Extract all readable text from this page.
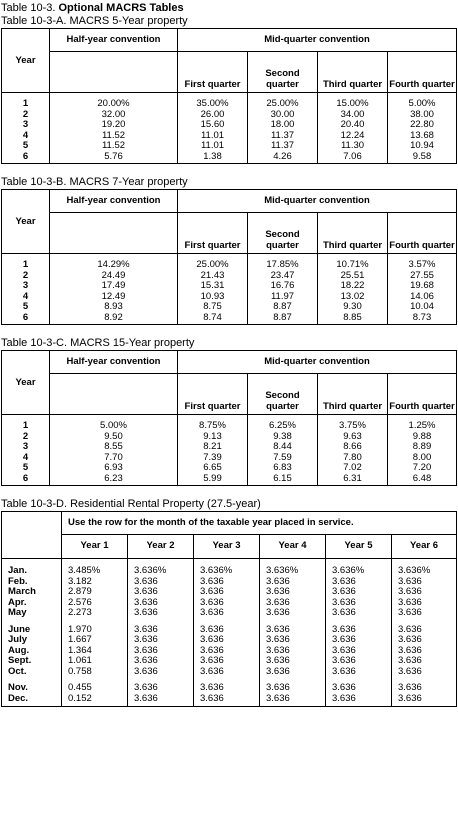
Table 10-3. Optional MACRS Tables
Table 10-3-A. MACRS 5-Year property
	Half-year convention	Mid-quarter convention			
Year		First quarter	Second quarter	Third quarter	Fourth quarter

1	20.00%	35.00%	25.00%	15.00%	5.00%
2	32.00	26.00	30.00	34.00	38.00
3	19.20	15.60	18.00	20.40	22.80
4	11.52	11.01	11.37	12.24	13.68
5	11.52	11.01	11.37	11.30	10.94
6	5.76	1.38	4.26	7.06	9.58
Table 10-3-B. MACRS 7-Year property
	Half-year convention	Mid-quarter convention			
Year		First quarter	Second quarter	Third quarter	Fourth quarter

1	14.29%	25.00%	17.85%	10.71%	3.57%
2	24.49	21.43	23.47	25.51	27.55
3	17.49	15.31	16.76	18.22	19.68
4	12.49	10.93	11.97	13.02	14.06
5	8.93	8.75	8.87	9.30	10.04
6	8.92	8.74	8.87	8.85	8.73
Table 10-3-C. MACRS 15-Year property
	Half-year convention	Mid-quarter convention			
Year		First quarter	Second quarter	Third quarter	Fourth quarter

1	5.00%	8.75%	6.25%	3.75%	1.25%
2	9.50	9.13	9.38	9.63	9.88
3	8.55	8.21	8.44	8.66	8.89
4	7.70	7.39	7.59	7.80	8.00
5	6.93	6.65	6.83	7.02	7.20
6	6.23	5.99	6.15	6.31	6.48
Table 10-3-D. Residential Rental Property (27.5-year)
	Use the row for the month of the taxable year placed in service.					
	Year 1	Year 2	Year 3	Year 4	Year 5	Year 6

Jan.	3.485%	3.636%	3.636%	3.636%	3.636%	3.636%
Feb.	3.182	3.636	3.636	3.636	3.636	3.636
March	2.879	3.636	3.636	3.636	3.636	3.636
Apr.	2.576	3.636	3.636	3.636	3.636	3.636
May	2.273	3.636	3.636	3.636	3.636	3.636

June	1.970	3.636	3.636	3.636	3.636	3.636
July	1.667	3.636	3.636	3.636	3.636	3.636
Aug.	1.364	3.636	3.636	3.636	3.636	3.636
Sept.	1.061	3.636	3.636	3.636	3.636	3.636
Oct.	0.758	3.636	3.636	3.636	3.636	3.636

Nov.	0.455	3.636	3.636	3.636	3.636	3.636
Dec.	0.152	3.636	3.636	3.636	3.636	3.636
